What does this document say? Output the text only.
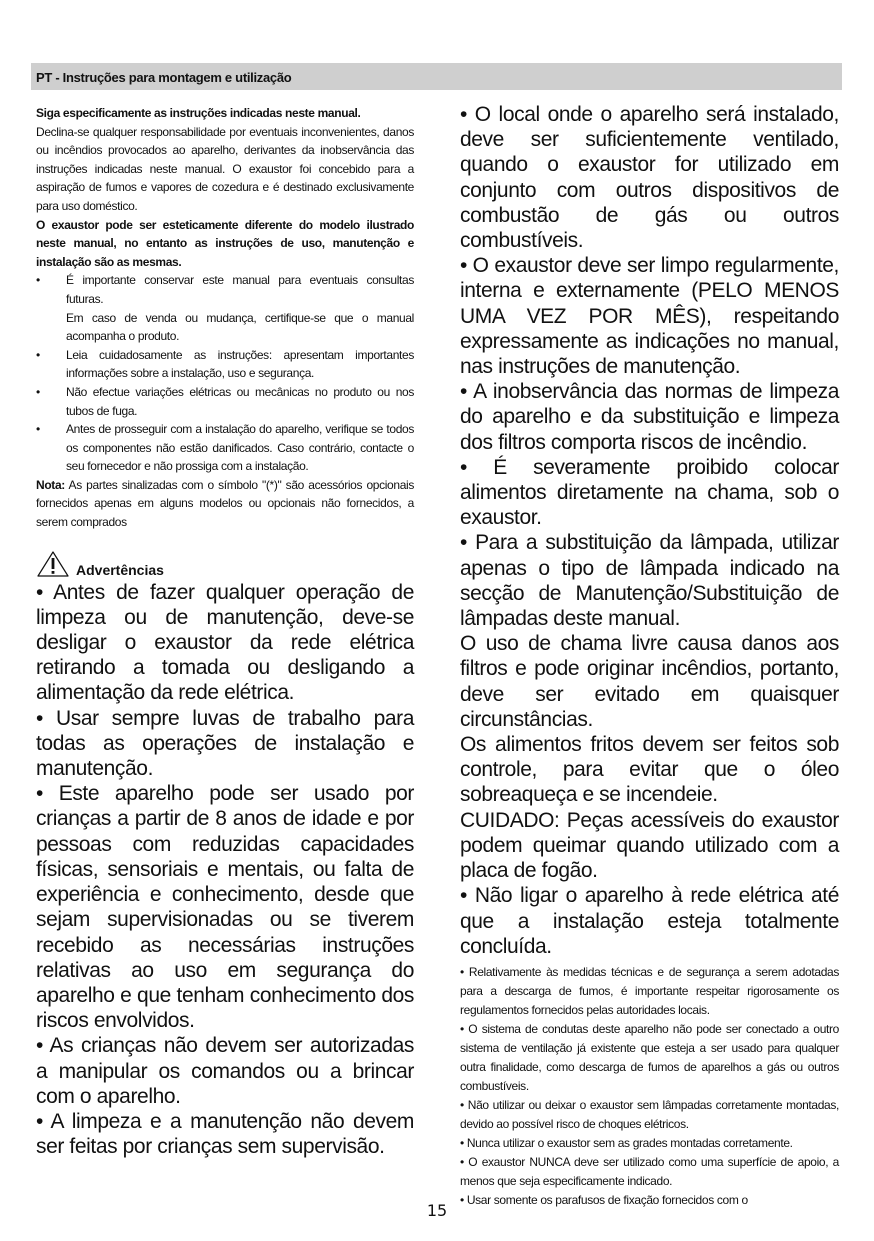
PT - Instruções para montagem e utilização

Siga especificamente as instruções indicadas neste manual.
Declina-se qualquer responsabilidade por eventuais inconvenientes, danos ou incêndios provocados ao aparelho, derivantes da inobservância das instruções indicadas neste manual. O exaustor foi concebido para a aspiração de fumos e vapores de cozedura e é destinado exclusivamente para uso doméstico.

O exaustor pode ser esteticamente diferente do modelo ilustrado neste manual, no entanto as instruções de uso, manutenção e instalação são as mesmas.

• É importante conservar este manual para eventuais consultas futuras.
Em caso de venda ou mudança, certifique-se que o manual acompanha o produto.
• Leia cuidadosamente as instruções: apresentam importantes informações sobre a instalação, uso e segurança.
• Não efectue variações elétricas ou mecânicas no produto ou nos tubos de fuga.
• Antes de prosseguir com a instalação do aparelho, verifique se todos os componentes não estão danificados. Caso contrário, contacte o seu fornecedor e não prossiga com a instalação.

Nota: As partes sinalizadas com o símbolo "(*)" são acessórios opcionais fornecidos apenas em alguns modelos ou opcionais não fornecidos, a serem comprados

Advertências

• Antes de fazer qualquer operação de limpeza ou de manutenção, deve-se desligar o exaustor da rede elétrica retirando a tomada ou desligando a alimentação da rede elétrica.

• Usar sempre luvas de trabalho para todas as operações de instalação e manutenção.

• Este aparelho pode ser usado por crianças a partir de 8 anos de idade e por pessoas com reduzidas capacidades físicas, sensoriais e mentais, ou falta de experiência e conhecimento, desde que sejam supervisionadas ou se tiverem recebido as necessárias instruções relativas ao uso em segurança do aparelho e que tenham conhecimento dos riscos envolvidos.

• As crianças não devem ser autorizadas a manipular os comandos ou a brincar com o aparelho.

• A limpeza e a manutenção não devem ser feitas por crianças sem supervisão.

• O local onde o aparelho será instalado, deve ser suficientemente ventilado, quando o exaustor for utilizado em conjunto com outros dispositivos de combustão de gás ou outros combustíveis.

• O exaustor deve ser limpo regularmente, interna e externamente (PELO MENOS UMA VEZ POR MÊS), respeitando expressamente as indicações no manual, nas instruções de manutenção.

• A inobservância das normas de limpeza do aparelho e da substituição e limpeza dos filtros comporta riscos de incêndio.

• É severamente proibido colocar alimentos diretamente na chama, sob o exaustor.

• Para a substituição da lâmpada, utilizar apenas o tipo de lâmpada indicado na secção de Manutenção/Substituição de lâmpadas deste manual.

O uso de chama livre causa danos aos filtros e pode originar incêndios, portanto, deve ser evitado em quaisquer circunstâncias.

Os alimentos fritos devem ser feitos sob controle, para evitar que o óleo sobreaqueça e se incendeie.

CUIDADO: Peças acessíveis do exaustor podem queimar quando utilizado com a placa de fogão.

• Não ligar o aparelho à rede elétrica até que a instalação esteja totalmente concluída.

• Relativamente às medidas técnicas e de segurança a serem adotadas para a descarga de fumos, é importante respeitar rigorosamente os regulamentos fornecidos pelas autoridades locais.

• O sistema de condutas deste aparelho não pode ser conectado a outro sistema de ventilação já existente que esteja a ser usado para qualquer outra finalidade, como descarga de fumos de aparelhos a gás ou outros combustíveis.

• Não utilizar ou deixar o exaustor sem lâmpadas corretamente montadas, devido ao possível risco de choques elétricos.

• Nunca utilizar o exaustor sem as grades montadas corretamente.

• O exaustor NUNCA deve ser utilizado como uma superfície de apoio, a menos que seja especificamente indicado.

• Usar somente os parafusos de fixação fornecidos com o

15
